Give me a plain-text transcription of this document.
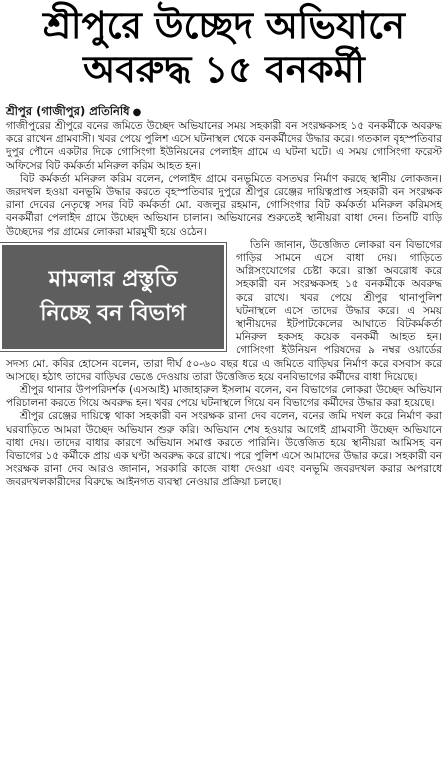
শ্রীপুরে উচ্ছেদ অভিযানে অবরুদ্ধ ১৫ বনকর্মী
শ্রীপুর (গাজীপুর) প্রতিনিধি ●

গাজীপুরের শ্রীপুরে বনের জমিতে উচ্ছেদ অভিযানের সময় সহকারী বন সংরক্ষকসহ ১৫ বনকর্মীকে অবরুদ্ধ করে রাখেন গ্রামবাসী। খবর পেয়ে পুলিশ এসে ঘটনাস্থল থেকে বনকর্মীদের উদ্ধার করে। গতকাল বৃহস্পতিবার দুপুর পৌনে একটার দিকে গোসিংগা ইউনিয়নের পেলাইদ গ্রামে এ ঘটনা ঘটে। এ সময় গোসিংগা ফরেস্ট অফিসের বিট কর্মকর্তা মনিরুল করিম আহত হন।

বিট কর্মকর্তা মনিরুল করিম বলেন, পেলাইদ গ্রামে বনভূমিতে বসতঘর নির্মাণ করছে স্থানীয় লোকজন। জরদখল হওয়া বনভূমি উদ্ধার করতে বৃহস্পতিবার দুপুরে শ্রীপুর রেঞ্জের দায়িত্বপ্রাপ্ত সহকারী বন সংরক্ষক রানা দেবের নেতৃত্বে সদর বিট কর্মকর্তা মো. বজলুর রহমান, গোসিংগার বিট কর্মকর্তা মনিরুল করিমসহ বনকর্মীরা পেলাইদ গ্রামে উচ্ছেদ অভিযান চালান। অভিযানের শুরুতেই স্থানীয়রা বাধা দেন। তিনটি বাড়ি উচ্ছেদের পর গ্রামের লোকরা মারমুখী হয়ে ওঠেন।

মামলার প্রস্তুতি
নিচ্ছে বন বিভাগ

তিনি জানান, উত্তেজিত লোকরা বন বিভাগের গাড়ির সামনে এসে বাধা দেয়। গাড়িতে অগ্নিসংযোগের চেষ্টা করে। রাস্তা অবরোধ করে সহকারী বন সংরক্ষকসহ ১৫ বনকর্মীকে অবরুদ্ধ করে রাখে। খবর পেয়ে শ্রীপুর থানাপুলিশ ঘটনাস্থলে এসে তাদের উদ্ধার করে। এ সময় স্থানীয়দের ইটপাটকেলের আঘাতে বিটকর্মকর্তা মনিরুল হকসহ কয়েক বনকর্মী আহত হন। গোসিংগা ইউনিয়ন পরিষদের ৯ নম্বর ওয়ার্ডের সদস্য মো. কবির হোসেন বলেন, তারা দীর্ঘ ৫০-৬০ বছর ধরে এ জমিতে বাড়িঘর নির্মাণ করে বসবাস করে আসছে। হঠাৎ তাদের বাড়িঘর ভেঙে দেওয়ায় তারা উত্তেজিত হয়ে বনবিভাগের কর্মীদের বাধা দিয়েছে।

শ্রীপুর থানার উপপরিদর্শক (এসআই) মাজাহারুল ইসলাম বলেন, বন বিভাগের লোকরা উচ্ছেদ অভিযান পরিচালনা করতে গিয়ে অবরুদ্ধ হন। খবর পেয়ে ঘটনাস্থলে গিয়ে বন বিভাগের কর্মীদের উদ্ধার করা হয়েছে।

শ্রীপুর রেঞ্জের দায়িত্বে থাকা সহকারী বন সংরক্ষক রানা দেব বলেন, বনের জমি দখল করে নির্মাণ করা ঘরবাড়িতে আমরা উচ্ছেদ অভিযান শুরু করি। অভিযান শেষ হওয়ার আগেই গ্রামবাসী উচ্ছেদ অভিযানে বাধা দেয়। তাদের বাধার কারণে অভিযান সমাপ্ত করতে পারিনি। উত্তেজিত হয়ে স্থানীয়রা আমিসহ বন বিভাগের ১৫ কর্মীকে প্রায় এক ঘণ্টা অবরুদ্ধ করে রাখে। পরে পুলিশ এসে আমাদের উদ্ধার করে। সহকারী বন সংরক্ষক রানা দেব আরও জানান, সরকারি কাজে বাধা দেওয়া এবং বনভূমি জবরদখল করার অপরাধে জবরদখলকারীদের বিরুদ্ধে আইনগত ব্যবস্থা নেওয়ার প্রক্রিয়া চলছে।
